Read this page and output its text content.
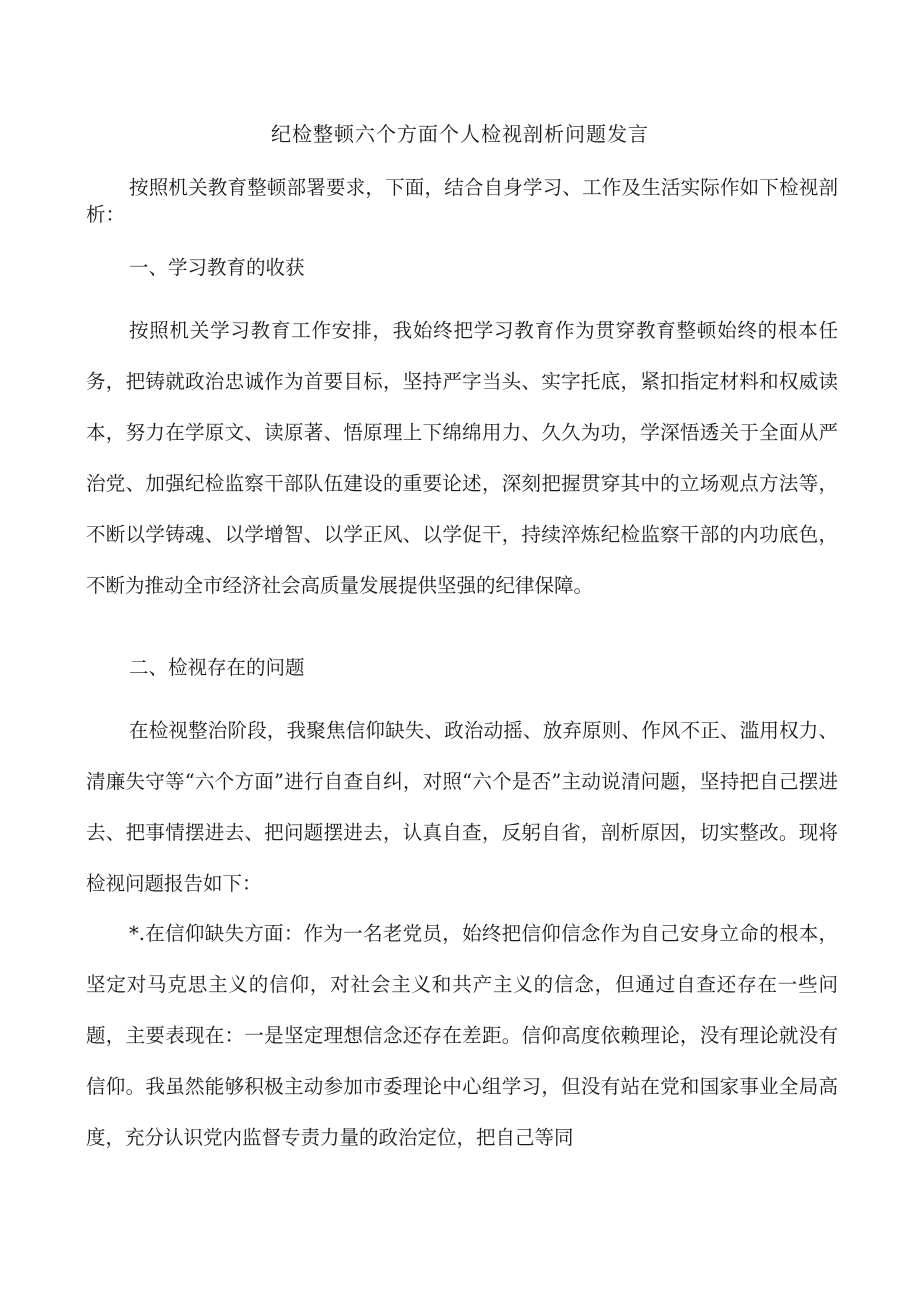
纪检整顿六个方面个人检视剖析问题发言

按照机关教育整顿部署要求，下面，结合自身学习、工作及生活实际作如下检视剖析：

一、学习教育的收获

按照机关学习教育工作安排，我始终把学习教育作为贯穿教育整顿始终的根本任务，把铸就政治忠诚作为首要目标，坚持严字当头、实字托底，紧扣指定材料和权威读本，努力在学原文、读原著、悟原理上下绵绵用力、久久为功，学深悟透关于全面从严治党、加强纪检监察干部队伍建设的重要论述，深刻把握贯穿其中的立场观点方法等，不断以学铸魂、以学增智、以学正风、以学促干，持续淬炼纪检监察干部的内功底色，不断为推动全市经济社会高质量发展提供坚强的纪律保障。

二、检视存在的问题

在检视整治阶段，我聚焦信仰缺失、政治动摇、放弃原则、作风不正、滥用权力、清廉失守等“六个方面”进行自查自纠，对照“六个是否”主动说清问题，坚持把自己摆进去、把事情摆进去、把问题摆进去，认真自查，反躬自省，剖析原因，切实整改。现将检视问题报告如下：

*.在信仰缺失方面：作为一名老党员，始终把信仰信念作为自己安身立命的根本，坚定对马克思主义的信仰，对社会主义和共产主义的信念，但通过自查还存在一些问题，主要表现在：一是坚定理想信念还存在差距。信仰高度依赖理论，没有理论就没有信仰。我虽然能够积极主动参加市委理论中心组学习，但没有站在党和国家事业全局高度，充分认识党内监督专责力量的政治定位，把自己等同
